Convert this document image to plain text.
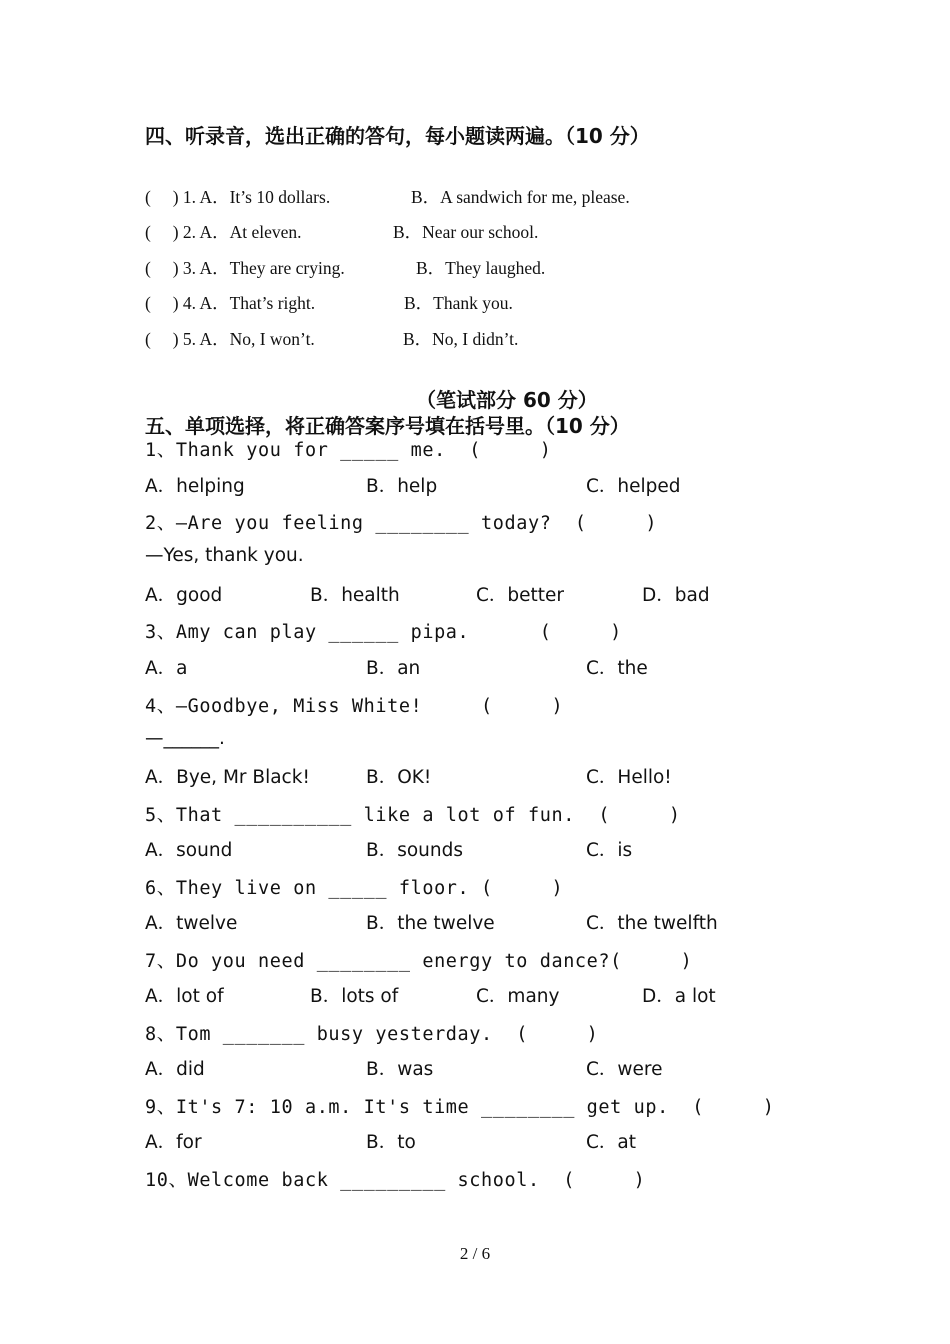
四、听录音，选出正确的答句，每小题读两遍。（10 分）
(     ) 1. A．It’s 10 dollars.	B．A sandwich for me, please.
(     ) 2. A．At eleven.	B．Near our school.
(     ) 3. A．They are crying.	B．They laughed.
(     ) 4. A．That’s right.	B．Thank you.
(     ) 5. A．No, I won’t.	B．No, I didn’t.
（笔试部分 60 分）
五、单项选择，将正确答案序号填在括号里。（10 分）
1、Thank you for _____ me.  (     )
A．helping	B．help	C．helped
2、—Are you feeling ________ today?  (     )
—Yes, thank you.
A．good	B．health	C．better	D．bad
3、Amy can play ______ pipa.      (     )
A．a	B．an	C．the
4、—Goodbye, Miss White!     (     )
—______.
A．Bye, Mr Black!	B．OK!	C．Hello!
5、That __________ like a lot of fun.  (     )
A．sound	B．sounds	C．is
6、They live on _____ floor. (     )
A．twelve	B．the twelve	C．the twelfth
7、Do you need ________ energy to dance?(     )
A．lot of	B．lots of	C．many	D．a lot
8、Tom _______ busy yesterday.  (     )
A．did	B．was	C．were
9、It's 7: 10 a.m. It's time ________ get up.  (     )
A．for	B．to	C．at
10、Welcome back _________ school.  (     )
2 / 6
